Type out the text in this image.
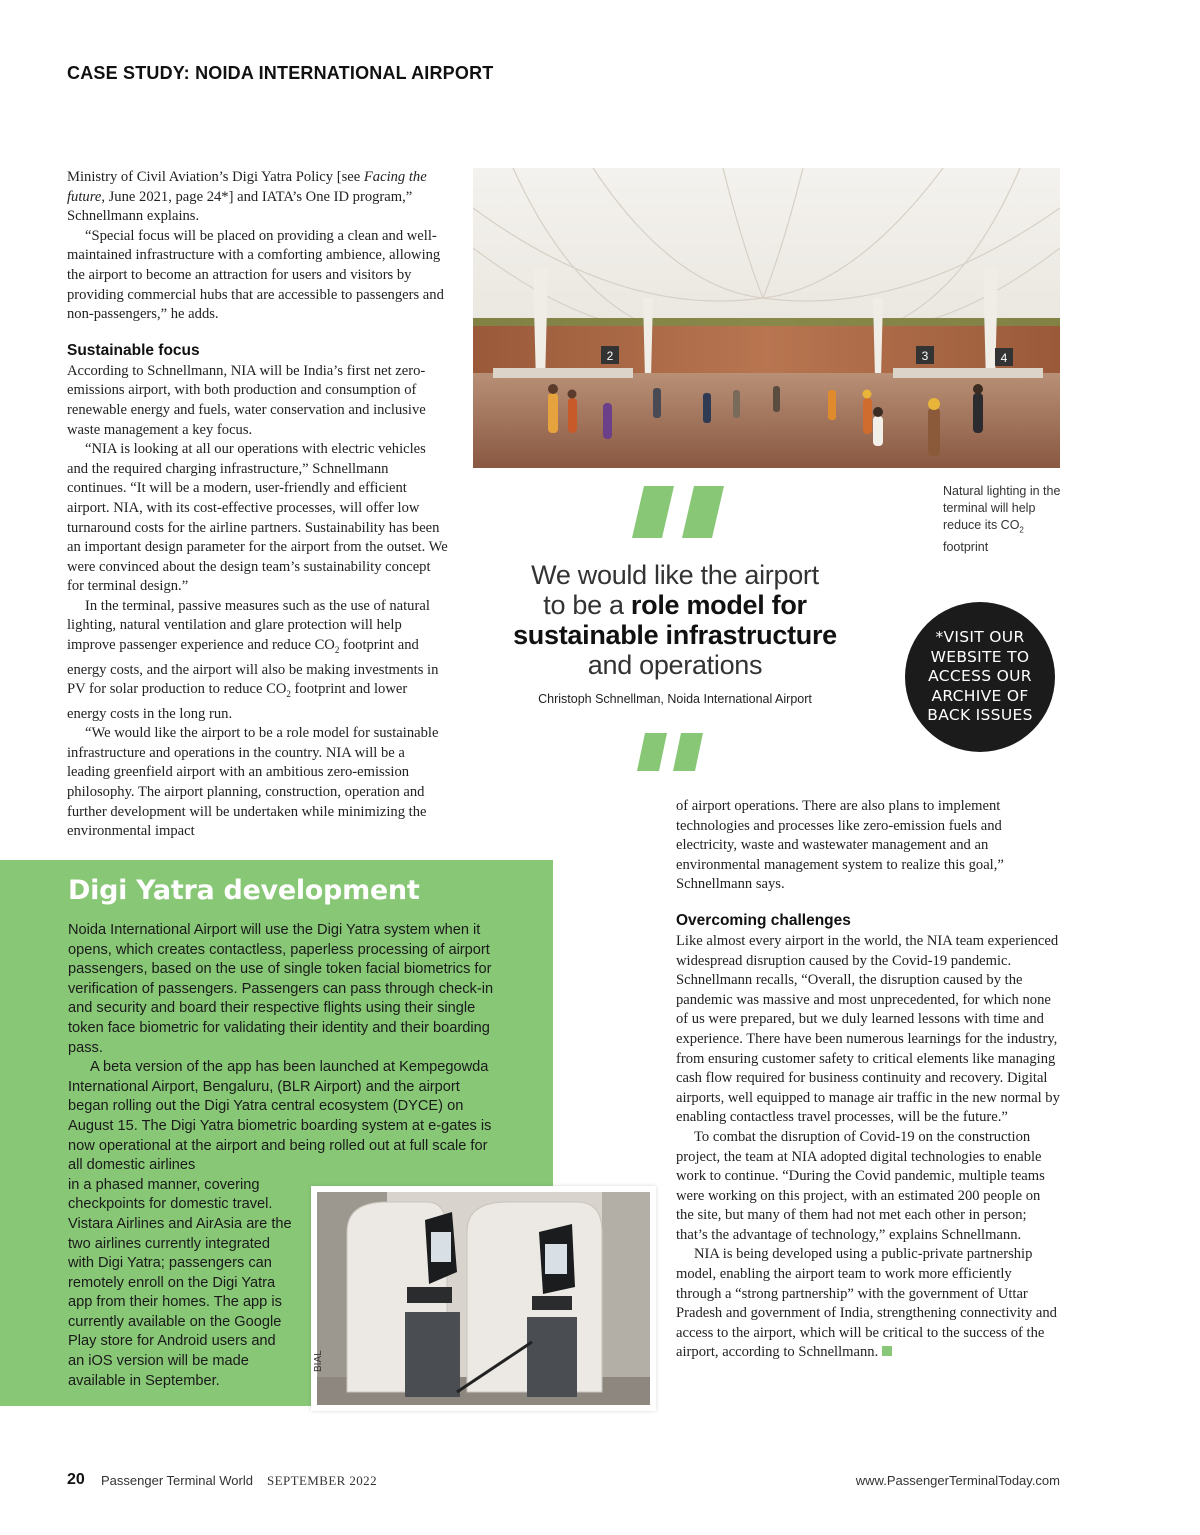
CASE STUDY: NOIDA INTERNATIONAL AIRPORT

Ministry of Civil Aviation’s Digi Yatra Policy [see Facing the future, June 2021, page 24*] and IATA’s One ID program,” Schnellmann explains.

“Special focus will be placed on providing a clean and well-maintained infrastructure with a comforting ambience, allowing the airport to become an attraction for users and visitors by providing commercial hubs that are accessible to passengers and non-passengers,” he adds.

Sustainable focus

According to Schnellmann, NIA will be India’s first net zero-emissions airport, with both production and consumption of renewable energy and fuels, water conservation and inclusive waste management a key focus.

“NIA is looking at all our operations with electric vehicles and the required charging infrastructure,” Schnellmann continues. “It will be a modern, user-friendly and efficient airport. NIA, with its cost-effective processes, will offer low turnaround costs for the airline partners. Sustainability has been an important design parameter for the airport from the outset. We were convinced about the design team’s sustainability concept for terminal design.”

In the terminal, passive measures such as the use of natural lighting, natural ventilation and glare protection will help improve passenger experience and reduce $CO_2$ footprint and energy costs, and the airport will also be making investments in PV for solar production to reduce $CO_2$ footprint and lower energy costs in the long run.

“We would like the airport to be a role model for sustainable infrastructure and operations in the country. NIA will be a leading greenfield airport with an ambitious zero-emission philosophy. The airport planning, construction, operation and further development will be undertaken while minimizing the environmental impact

2	3	4
Natural lighting in the terminal will help reduce its $CO_2$ footprint
We would like the airport
to be a role model for
sustainable infrastructure
and operations
Christoph Schnellman, Noida International Airport
*VISIT OUR WEBSITE TO ACCESS OUR ARCHIVE OF BACK ISSUES

of airport operations. There are also plans to implement technologies and processes like zero-emission fuels and electricity, waste and wastewater management and an environmental management system to realize this goal,” Schnellmann says.

Overcoming challenges

Like almost every airport in the world, the NIA team experienced widespread disruption caused by the Covid-19 pandemic. Schnellmann recalls, “Overall, the disruption caused by the pandemic was massive and most unprecedented, for which none of us were prepared, but we duly learned lessons with time and experience. There have been numerous learnings for the industry, from ensuring customer safety to critical elements like managing cash flow required for business continuity and recovery. Digital airports, well equipped to manage air traffic in the new normal by enabling contactless travel processes, will be the future.”

To combat the disruption of Covid-19 on the construction project, the team at NIA adopted digital technologies to enable work to continue. “During the Covid pandemic, multiple teams were working on this project, with an estimated 200 people on the site, but many of them had not met each other in person; that’s the advantage of technology,” explains Schnellmann.

NIA is being developed using a public-private partnership model, enabling the airport team to work more efficiently through a “strong partnership” with the government of Uttar Pradesh and government of India, strengthening connectivity and access to the airport, which will be critical to the success of the airport, according to Schnellmann.

Digi Yatra development

Noida International Airport will use the Digi Yatra system when it opens, which creates contactless, paperless processing of airport passengers, based on the use of single token facial biometrics for verification of passengers. Passengers can pass through check-in and security and board their respective flights using their single token face biometric for validating their identity and their boarding pass.

A beta version of the app has been launched at Kempegowda International Airport, Bengaluru, (BLR Airport) and the airport began rolling out the Digi Yatra central ecosystem (DYCE) on August 15. The Digi Yatra biometric boarding system at e-gates is now operational at the airport and being rolled out at full scale for all domestic airlines

in a phased manner, covering checkpoints for domestic travel. Vistara Airlines and AirAsia are the two airlines currently integrated with Digi Yatra; passengers can remotely enroll on the Digi Yatra app from their homes. The app is currently available on the Google Play store for Android users and an iOS version will be made available in September.

BIAL
20 Passenger Terminal World SEPTEMBER 2022	www.PassengerTerminalToday.com
